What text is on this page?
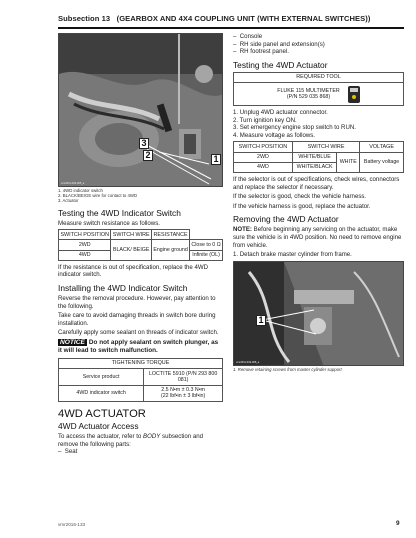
Subsection 13 (GEARBOX AND 4X4 COUPLING UNIT (WITH EXTERNAL SWITCHES))
3
2	1
vmr2011-019-005_a
1. 4WD indicator switch
2. BLACK/BEIGE wire for contact to 4WD
3. Actuator
Testing the 4WD Indicator Switch

Measure switch resistance as follows.

SWITCH POSITION	SWITCH WIRE	RESISTANCE	
2WD	BLACK/ BEIGE	Engine ground	Close to 0 Ω
4WD			Infinite (OL)

If the resistance is out of specification, replace the 4WD indicator switch.

Installing the 4WD Indicator Switch

Reverse the removal procedure. However, pay attention to the following.

Take care to avoid damaging threads in switch bore during installation.

Carefully apply some sealant on threads of indicator switch.

NOTICE Do not apply sealant on switch plunger, as it will lead to switch malfunction.
TIGHTENING TORQUE	
Service product	LOCTITE 5910 (P/N 293 800 081)
4WD indicator switch	2.5 N•m ± 0.3 N•m
(22 lbf•in ± 3 lbf•in)
4WD ACTUATOR
4WD Actuator Access

To access the actuator, refer to BODY subsection and remove the following parts:

–  Seat
–  Console
–  RH side panel and extension(s)
–  RH footrest panel.
Testing the 4WD Actuator
REQUIRED TOOL

FLUKE 115 MULTIMETER
(P/N 529 035 868)
1. Unplug 4WD actuator connector.
2. Turn ignition key ON.
3. Set emergency engine stop switch to RUN.
4. Measure voltage as follows.
SWITCH POSITION	SWITCH WIRE		VOLTAGE
2WD	WHITE/BLUE	WHITE	Battery voltage
4WD	WHITE/BLACK		

If the selector is out of specifications, check wires, connectors and replace the selector if necessary.

If the selector is good, check the vehicle harness.

If the vehicle harness is good, replace the actuator.

Removing the 4WD Actuator

NOTE: Before beginning any servicing on the actuator, make sure the vehicle is in 4WD position. No need to remove engine from vehicle.

1. Detach brake master cylinder from frame.

1
vmr2011-019-008_a
1. Remove retaining screws from master cylinder support
vmr2016-133	9
